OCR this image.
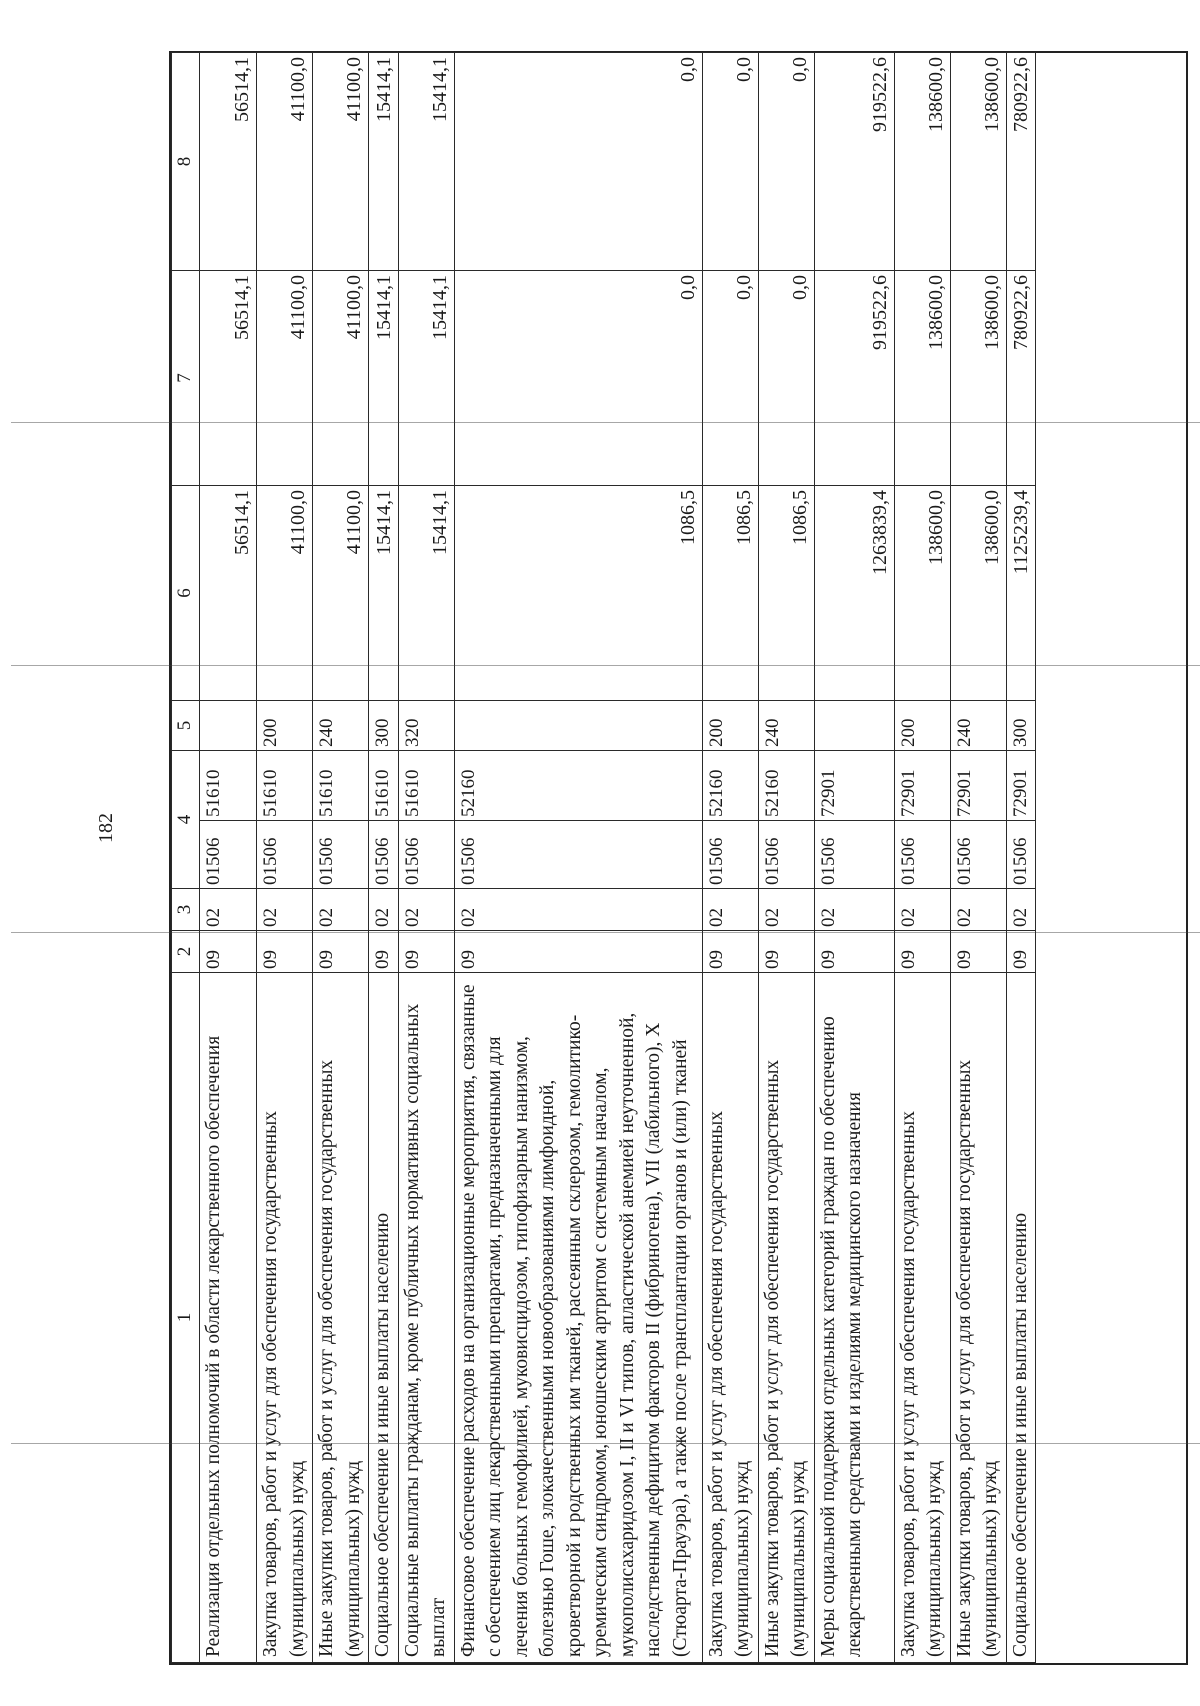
182
1	2	3	4		5	6	7	8
Реализация отдельных полномочий в области лекарственного обеспечения	09	02	01506	51610		56514,1	56514,1	56514,1
Закупка товаров, работ и услуг для обеспечения государственных (муниципальных) нужд	09	02	01506	51610	200	41100,0	41100,0	41100,0
Иные закупки товаров, работ и услуг для обеспечения государственных (муниципальных) нужд	09	02	01506	51610	240	41100,0	41100,0	41100,0
Социальное обеспечение и иные выплаты населению	09	02	01506	51610	300	15414,1	15414,1	15414,1
Социальные выплаты гражданам, кроме публичных нормативных социальных выплат	09	02	01506	51610	320	15414,1	15414,1	15414,1
Финансовое обеспечение расходов на организационные мероприятия, связанные с обеспечением лиц лекарственными препаратами, предназначенными для лечения больных гемофилией, муковисцидозом, гипофизарным нанизмом, болезнью Гоше, злокачественными новообразованиями лимфоидной, кроветворной и родственных им тканей, рассеянным склерозом, гемолитико-уремическим синдромом, юношеским артритом с системным началом, мукополисахаридозом I, II и VI типов, апластической анемией неуточненной, наследственным дефицитом факторов II (фибриногена), VII (лабильного), X (Стюарта-Прауэра), а также после трансплантации органов и (или) тканей	09	02	01506	52160		1086,5	0,0	0,0
Закупка товаров, работ и услуг для обеспечения государственных (муниципальных) нужд	09	02	01506	52160	200	1086,5	0,0	0,0
Иные закупки товаров, работ и услуг для обеспечения государственных (муниципальных) нужд	09	02	01506	52160	240	1086,5	0,0	0,0
Меры социальной поддержки отдельных категорий граждан по обеспечению лекарственными средствами и изделиями медицинского назначения	09	02	01506	72901		1263839,4	919522,6	919522,6
Закупка товаров, работ и услуг для обеспечения государственных (муниципальных) нужд	09	02	01506	72901	200	138600,0	138600,0	138600,0
Иные закупки товаров, работ и услуг для обеспечения государственных (муниципальных) нужд	09	02	01506	72901	240	138600,0	138600,0	138600,0
Социальное обеспечение и иные выплаты населению	09	02	01506	72901	300	1125239,4	780922,6	780922,6
